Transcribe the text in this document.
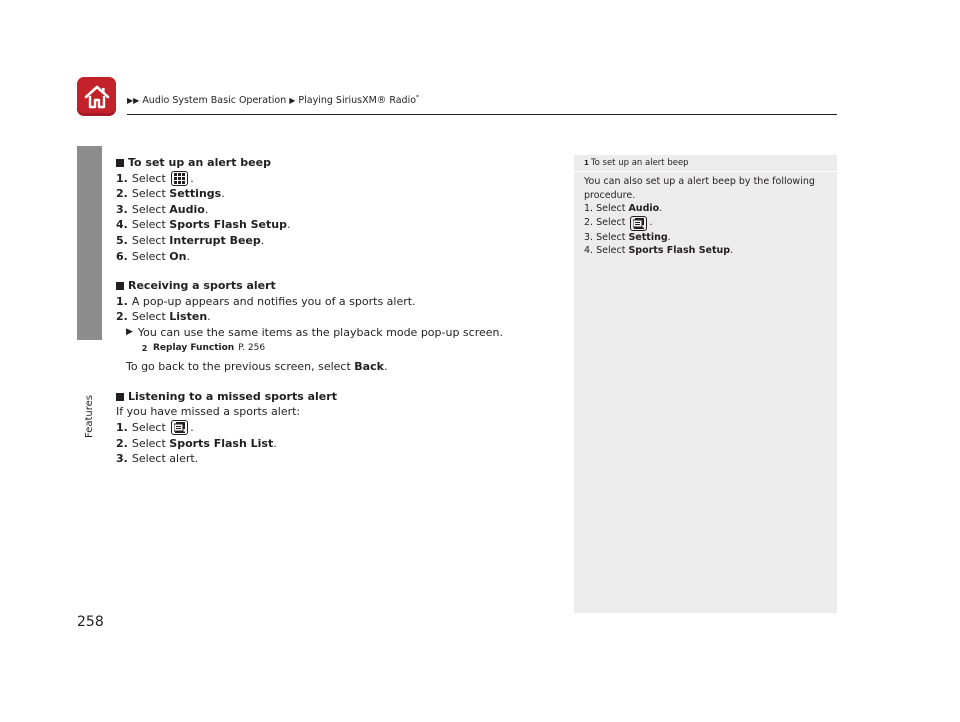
▶▶ Audio System Basic Operation ▶ Playing SiriusXM® Radio*
Features
258
To set up an alert beep
1. Select
.
2. Select
Settings .
3. Select
Audio .
4. Select
Sports Flash Setup .
5. Select
Interrupt Beep .
6. Select
On .
Receiving a sports alert
1. A pop-up appears and notifies you of a sports alert.
2. Select
Listen .
▶ You can use the same items as the playback mode pop-up screen.
2 Replay Function P. 256
To go back to the previous screen, select Back.
Listening to a missed sports alert
If you have missed a sports alert:
1. Select
.
2. Select
Sports Flash List .
3. Select alert.
1 To set up an alert beep
You can also set up a alert beep by the following
procedure.
1.
Select
Audio .
2.
Select
	.
3.
Select
Setting .
4.
Select
Sports Flash Setup .
